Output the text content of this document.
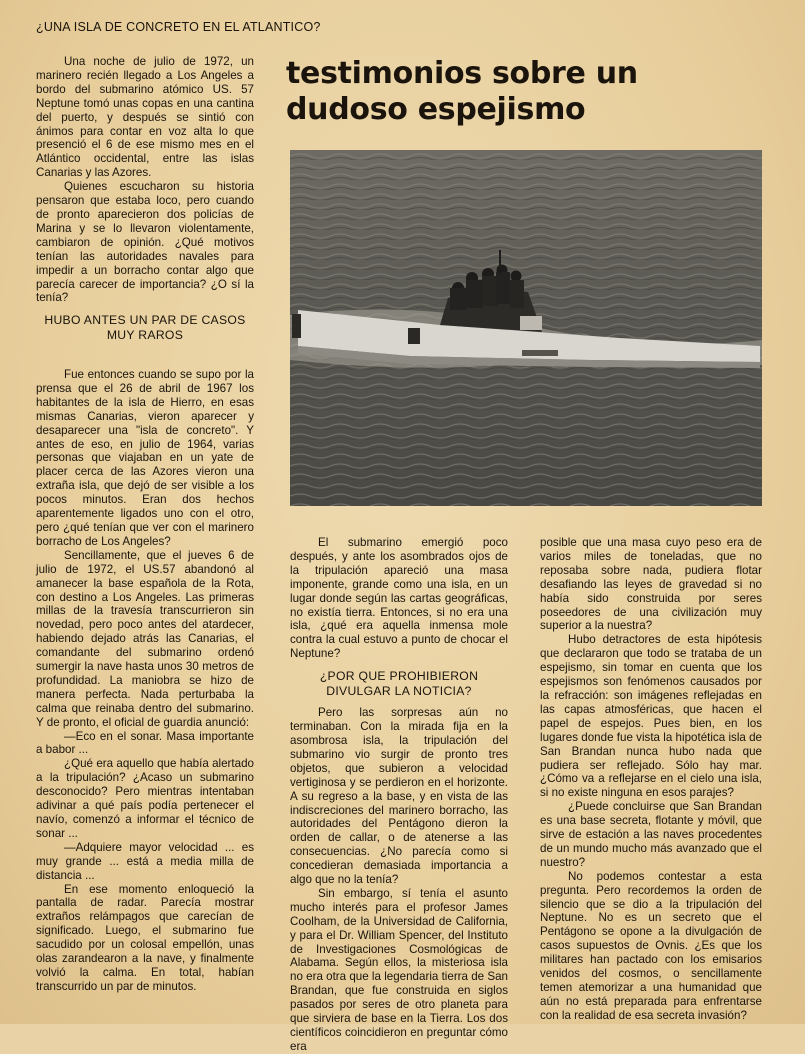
¿UNA ISLA DE CONCRETO EN EL ATLANTICO?
testimonios sobre un dudoso espejismo

Una noche de julio de 1972, un marinero recién llegado a Los Angeles a bordo del submarino atómico US. 57 Neptune tomó unas copas en una cantina del puerto, y después se sintió con ánimos para contar en voz alta lo que presenció el 6 de ese mismo mes en el Atlántico occidental, entre las islas Canarias y las Azores.

Quienes escucharon su historia pensaron que estaba loco, pero cuando de pronto aparecieron dos policías de Marina y se lo llevaron violentamente, cambiaron de opinión. ¿Qué motivos tenían las autoridades navales para impedir a un borracho contar algo que parecía carecer de importancia? ¿O sí la tenía?

HUBO ANTES UN PAR DE CASOS MUY RAROS

Fue entonces cuando se supo por la prensa que el 26 de abril de 1967 los habitantes de la isla de Hierro, en esas mismas Canarias, vieron aparecer y desaparecer una "isla de concreto". Y antes de eso, en julio de 1964, varias personas que viajaban en un yate de placer cerca de las Azores vieron una extraña isla, que dejó de ser visible a los pocos minutos. Eran dos hechos aparentemente ligados uno con el otro, pero ¿qué tenían que ver con el marinero borracho de Los Angeles?

Sencillamente, que el jueves 6 de julio de 1972, el US.57 abandonó al amanecer la base española de la Rota, con destino a Los Angeles. Las primeras millas de la travesía transcurrieron sin novedad, pero poco antes del atardecer, habiendo dejado atrás las Canarias, el comandante del submarino ordenó sumergir la nave hasta unos 30 metros de profundidad. La maniobra se hizo de manera perfecta. Nada perturbaba la calma que reinaba dentro del submarino. Y de pronto, el oficial de guardia anunció:

—Eco en el sonar. Masa importante a babor ...

¿Qué era aquello que había alertado a la tripulación? ¿Acaso un submarino desconocido? Pero mientras intentaban adivinar a qué país podía pertenecer el navío, comenzó a informar el técnico de sonar ...

—Adquiere mayor velocidad ... es muy grande ... está a media milla de distancia ...

En ese momento enloqueció la pantalla de radar. Parecía mostrar extraños relámpagos que carecían de significado. Luego, el submarino fue sacudido por un colosal empellón, unas olas zarandearon a la nave, y finalmente volvió la calma. En total, habían transcurrido un par de minutos.

El submarino emergió poco después, y ante los asombrados ojos de la tripulación apareció una masa imponente, grande como una isla, en un lugar donde según las cartas geográficas, no existía tierra. Entonces, si no era una isla, ¿qué era aquella inmensa mole contra la cual estuvo a punto de chocar el Neptune?

¿POR QUE PROHIBIERON DIVULGAR LA NOTICIA?

Pero las sorpresas aún no terminaban. Con la mirada fija en la asombrosa isla, la tripulación del submarino vio surgir de pronto tres objetos, que subieron a velocidad vertiginosa y se perdieron en el horizonte. A su regreso a la base, y en vista de las indiscreciones del marinero borracho, las autoridades del Pentágono dieron la orden de callar, o de atenerse a las consecuencias. ¿No parecía como si concedieran demasiada importancia a algo que no la tenía?

Sin embargo, sí tenía el asunto mucho interés para el profesor James Coolham, de la Universidad de California, y para el Dr. William Spencer, del Instituto de Investigaciones Cosmológicas de Alabama. Según ellos, la misteriosa isla no era otra que la legendaria tierra de San Brandan, que fue construida en siglos pasados por seres de otro planeta para que sirviera de base en la Tierra. Los dos científicos coincidieron en preguntar cómo era

posible que una masa cuyo peso era de varios miles de toneladas, que no reposaba sobre nada, pudiera flotar desafiando las leyes de gravedad si no había sido construida por seres poseedores de una civilización muy superior a la nuestra?

Hubo detractores de esta hipótesis que declararon que todo se trataba de un espejismo, sin tomar en cuenta que los espejismos son fenómenos causados por la refracción: son imágenes reflejadas en las capas atmosféricas, que hacen el papel de espejos. Pues bien, en los lugares donde fue vista la hipotética isla de San Brandan nunca hubo nada que pudiera ser reflejado. Sólo hay mar. ¿Cómo va a reflejarse en el cielo una isla, si no existe ninguna en esos parajes?

¿Puede concluirse que San Brandan es una base secreta, flotante y móvil, que sirve de estación a las naves procedentes de un mundo mucho más avanzado que el nuestro?

No podemos contestar a esta pregunta. Pero recordemos la orden de silencio que se dio a la tripulación del Neptune. No es un secreto que el Pentágono se opone a la divulgación de casos supuestos de Ovnis. ¿Es que los militares han pactado con los emisarios venidos del cosmos, o sencillamente temen atemorizar a una humanidad que aún no está preparada para enfrentarse con la realidad de esa secreta invasión?
